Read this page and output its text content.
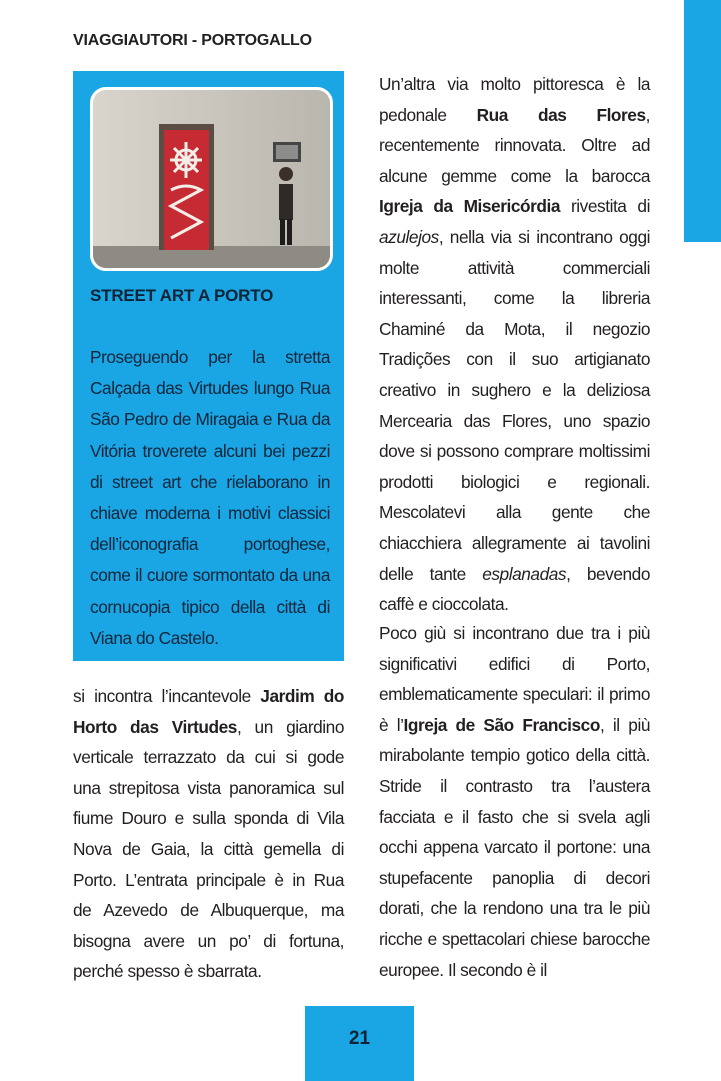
VIAGGIAUTORI - PORTOGALLO
STREET ART A PORTO

Proseguendo per la stretta Calçada das Virtudes lungo Rua São Pedro de Miragaia e Rua da Vitória troverete alcuni bei pezzi di street art che rielaborano in chiave moderna i motivi classici dell’iconografia portoghese, come il cuore sormontato da una cornucopia tipico della città di Viana do Castelo.

si incontra l’incantevole Jardim do Horto das Virtudes, un giardino verticale terrazzato da cui si gode una strepitosa vista panoramica sul fiume Douro e sulla sponda di Vila Nova de Gaia, la città gemella di Porto. L’entrata principale è in Rua de Azevedo de Albuquerque, ma bisogna avere un po’ di fortuna, perché spesso è sbarrata.

Un’altra via molto pittoresca è la pedonale Rua das Flores, recentemente rinnovata. Oltre ad alcune gemme come la barocca Igreja da Misericórdia rivestita di azulejos, nella via si incontrano oggi molte attività commerciali interessanti, come la libreria Chaminé da Mota, il negozio Tradições con il suo artigianato creativo in sughero e la deliziosa Mercearia das Flores, uno spazio dove si possono comprare moltissimi prodotti biologici e regionali. Mescolatevi alla gente che chiacchiera allegramente ai tavolini delle tante esplanadas, bevendo caffè e cioccolata.

Poco giù si incontrano due tra i più significativi edifici di Porto, emblematicamente speculari: il primo è l’Igreja de São Francisco, il più mirabolante tempio gotico della città. Stride il contrasto tra l’austera facciata e il fasto che si svela agli occhi appena varcato il portone: una stupefacente panoplia di decori dorati, che la rendono una tra le più ricche e spettacolari chiese barocche europee. Il secondo è il

21
